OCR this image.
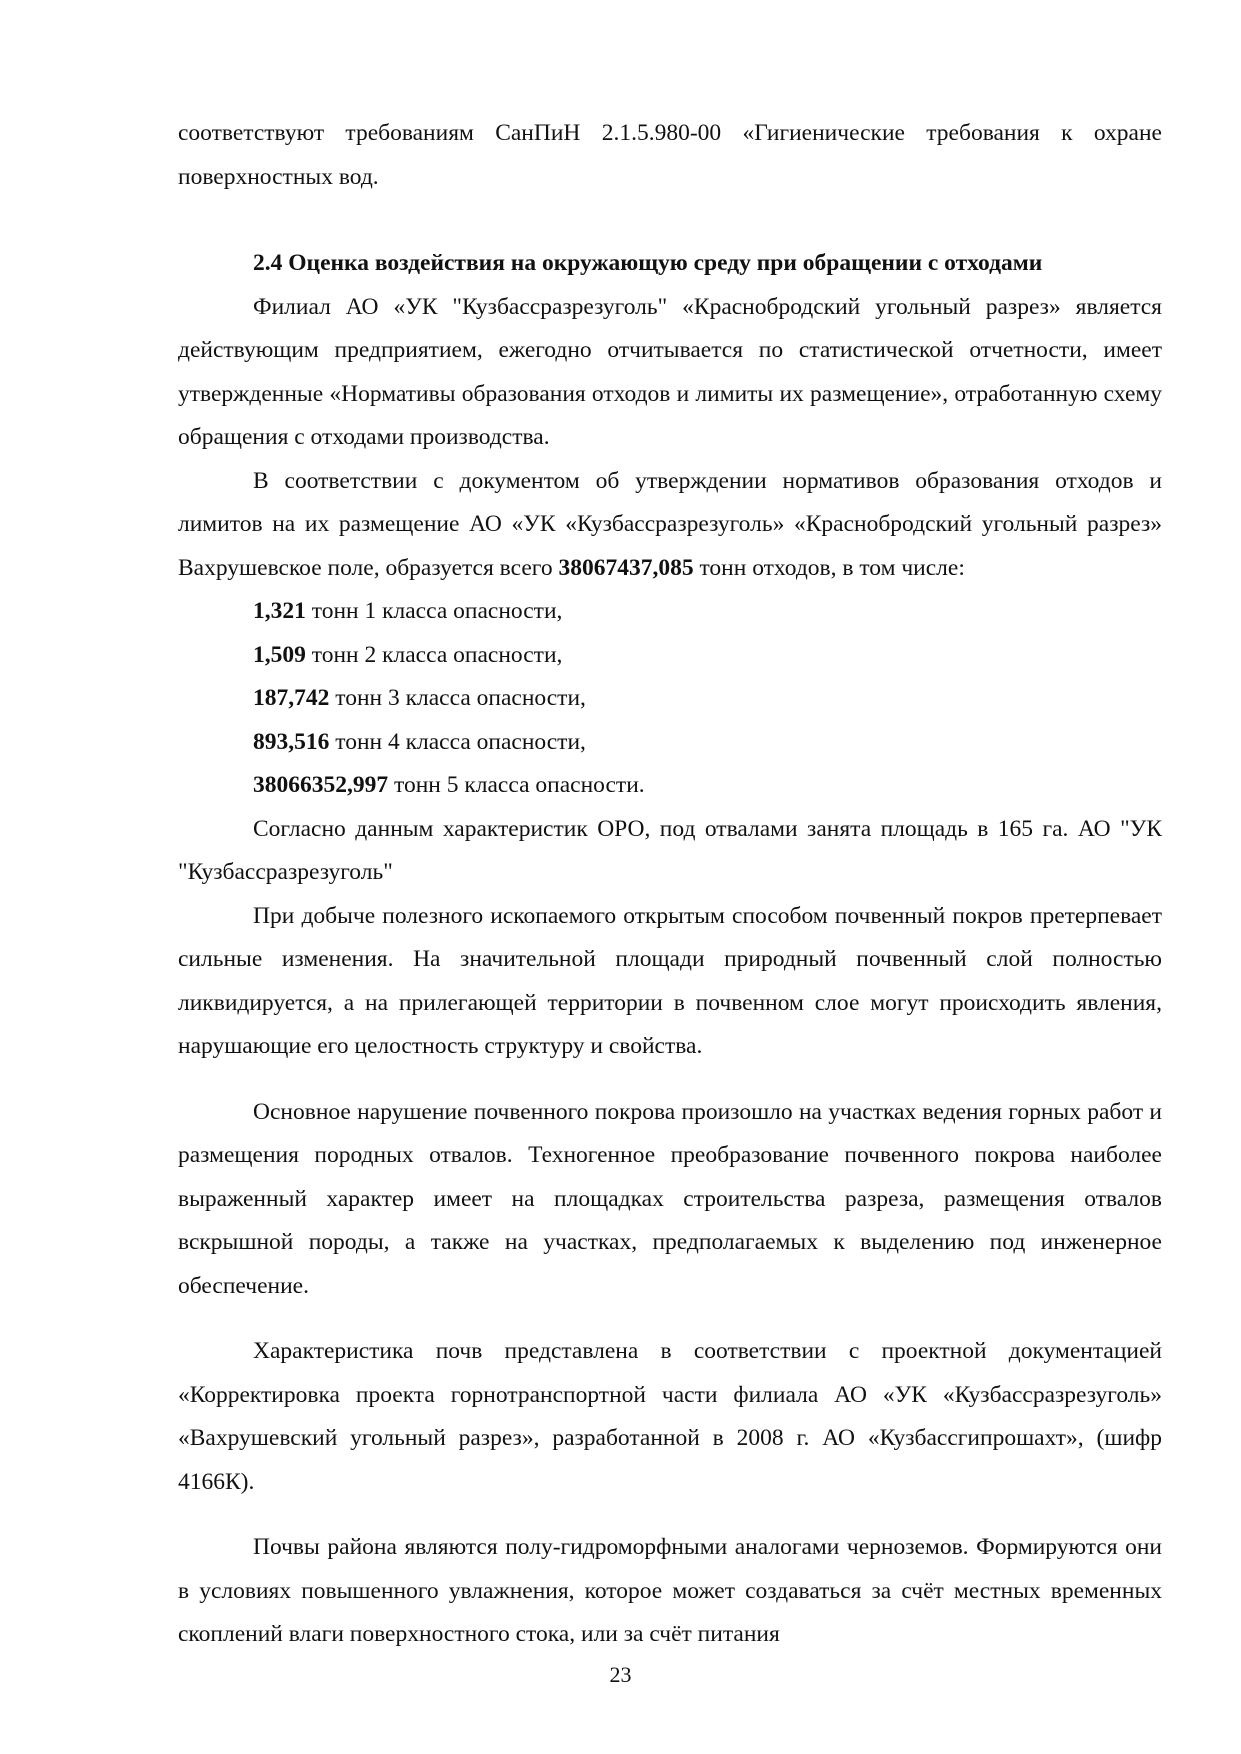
соответствуют требованиям СанПиН 2.1.5.980-00 «Гигиенические требования к охране поверхностных вод.

2.4 Оценка воздействия на окружающую среду при обращении с отходами

Филиал АО «УК "Кузбассразрезуголь" «Краснобродский угольный разрез» является действующим предприятием, ежегодно отчитывается по статистической отчетности, имеет утвержденные «Нормативы образования отходов и лимиты их размещение», отработанную схему обращения с отходами производства.

В соответствии с документом об утверждении нормативов образования отходов и лимитов на их размещение АО «УК «Кузбассразрезуголь» «Краснобродский угольный разрез» Вахрушевское поле, образуется всего 38067437,085 тонн отходов, в том числе:

1,321 тонн 1 класса опасности,

1,509 тонн 2 класса опасности,

187,742 тонн 3 класса опасности,

893,516 тонн 4 класса опасности,

38066352,997 тонн 5 класса опасности.

Согласно данным характеристик ОРО, под отвалами занята площадь в 165 га. АО "УК "Кузбассразрезуголь"

При добыче полезного ископаемого открытым способом почвенный покров претерпевает сильные изменения. На значительной площади природный почвенный слой полностью ликвидируется, а на прилегающей территории в почвенном слое могут происходить явления, нарушающие его целостность структуру и свойства.

Основное нарушение почвенного покрова произошло на участках ведения горных работ и размещения породных отвалов. Техногенное преобразование почвенного покрова наиболее выраженный характер имеет на площадках строительства разреза, размещения отвалов вскрышной породы, а также на участках, предполагаемых к выделению под инженерное обеспечение.

Характеристика почв представлена в соответствии с проектной документацией «Корректировка проекта горнотранспортной части филиала АО «УК «Кузбассразрезуголь» «Вахрушевский угольный разрез», разработанной в 2008 г. АО «Кузбассгипрошахт», (шифр 4166К).

Почвы района являются полу-гидроморфными аналогами черноземов. Формируются они в условиях повышенного увлажнения, которое может создаваться за счёт местных временных скоплений влаги поверхностного стока, или за счёт питания

23
